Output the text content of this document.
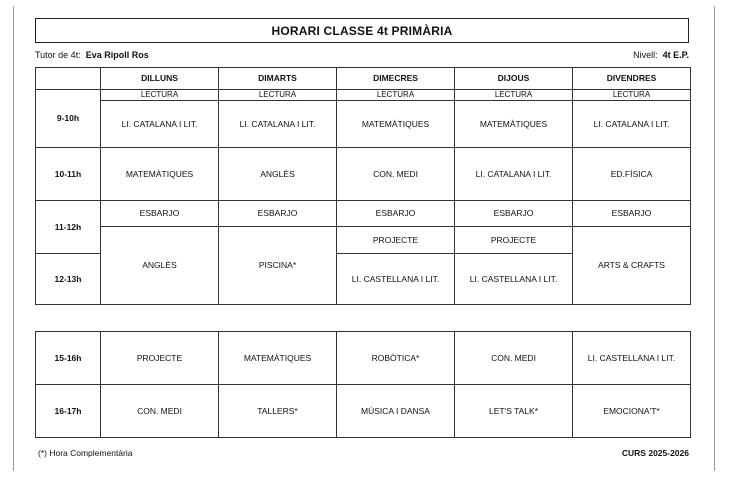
HORARI CLASSE 4t PRIMÀRIA
Tutor de 4t: Eva Ripoll Ros	Nivell: 4t E.P.
	DILLUNS	DIMARTS	DIMECRES	DIJOUS	DIVENDRES
9-10h	LECTURA	LECTURA	LECTURA	LECTURA	LECTURA
	LI. CATALANA I LIT.	LI. CATALANA I LIT.	MATEMÀTIQUES	MATEMÀTIQUES	LI. CATALANA I LIT.
10-11h	MATEMÀTIQUES	ANGLÈS	CON. MEDI	LI. CATALANA I LIT.	ED.FÍSICA
11-12h	ESBARJO	ESBARJO	ESBARJO	ESBARJO	ESBARJO
	ANGLÈS	PISCINA*	PROJECTE	PROJECTE	ARTS & CRAFTS
12-13h			LI. CASTELLANA I LIT.	LI. CASTELLANA I LIT.	
15-16h	PROJECTE	MATEMÀTIQUES	ROBÒTICA*	CON. MEDI	LI. CASTELLANA I LIT.
16-17h	CON. MEDI	TALLERS*	MÚSICA I DANSA	LET'S TALK*	EMOCIONA'T*
(*) Hora Complementària	CURS 2025-2026
